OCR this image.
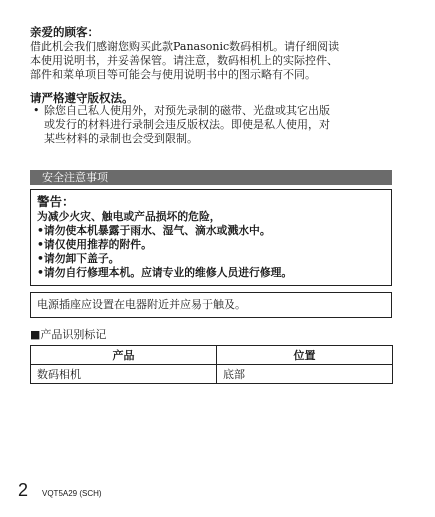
亲爱的顾客：
借此机会我们感谢您购买此款Panasonic数码相机。请仔细阅读
本使用说明书，并妥善保管。请注意，数码相机上的实际控件、
部件和菜单项目等可能会与使用说明书中的图示略有不同。
请严格遵守版权法。
• 除您自己私人使用外，对预先录制的磁带、光盘或其它出版
或发行的材料进行录制会违反版权法。即使是私人使用，对
某些材料的录制也会受到限制。
安全注意事项
警告：
为减少火灾、触电或产品损坏的危险，
•请勿使本机暴露于雨水、湿气、滴水或溅水中。
•请仅使用推荐的附件。
•请勿卸下盖子。
•请勿自行修理本机。应请专业的维修人员进行修理。
电源插座应设置在电器附近并应易于触及。
■产品识别标记
产品	位置
数码相机	底部
2 VQT5A29 (SCH)
